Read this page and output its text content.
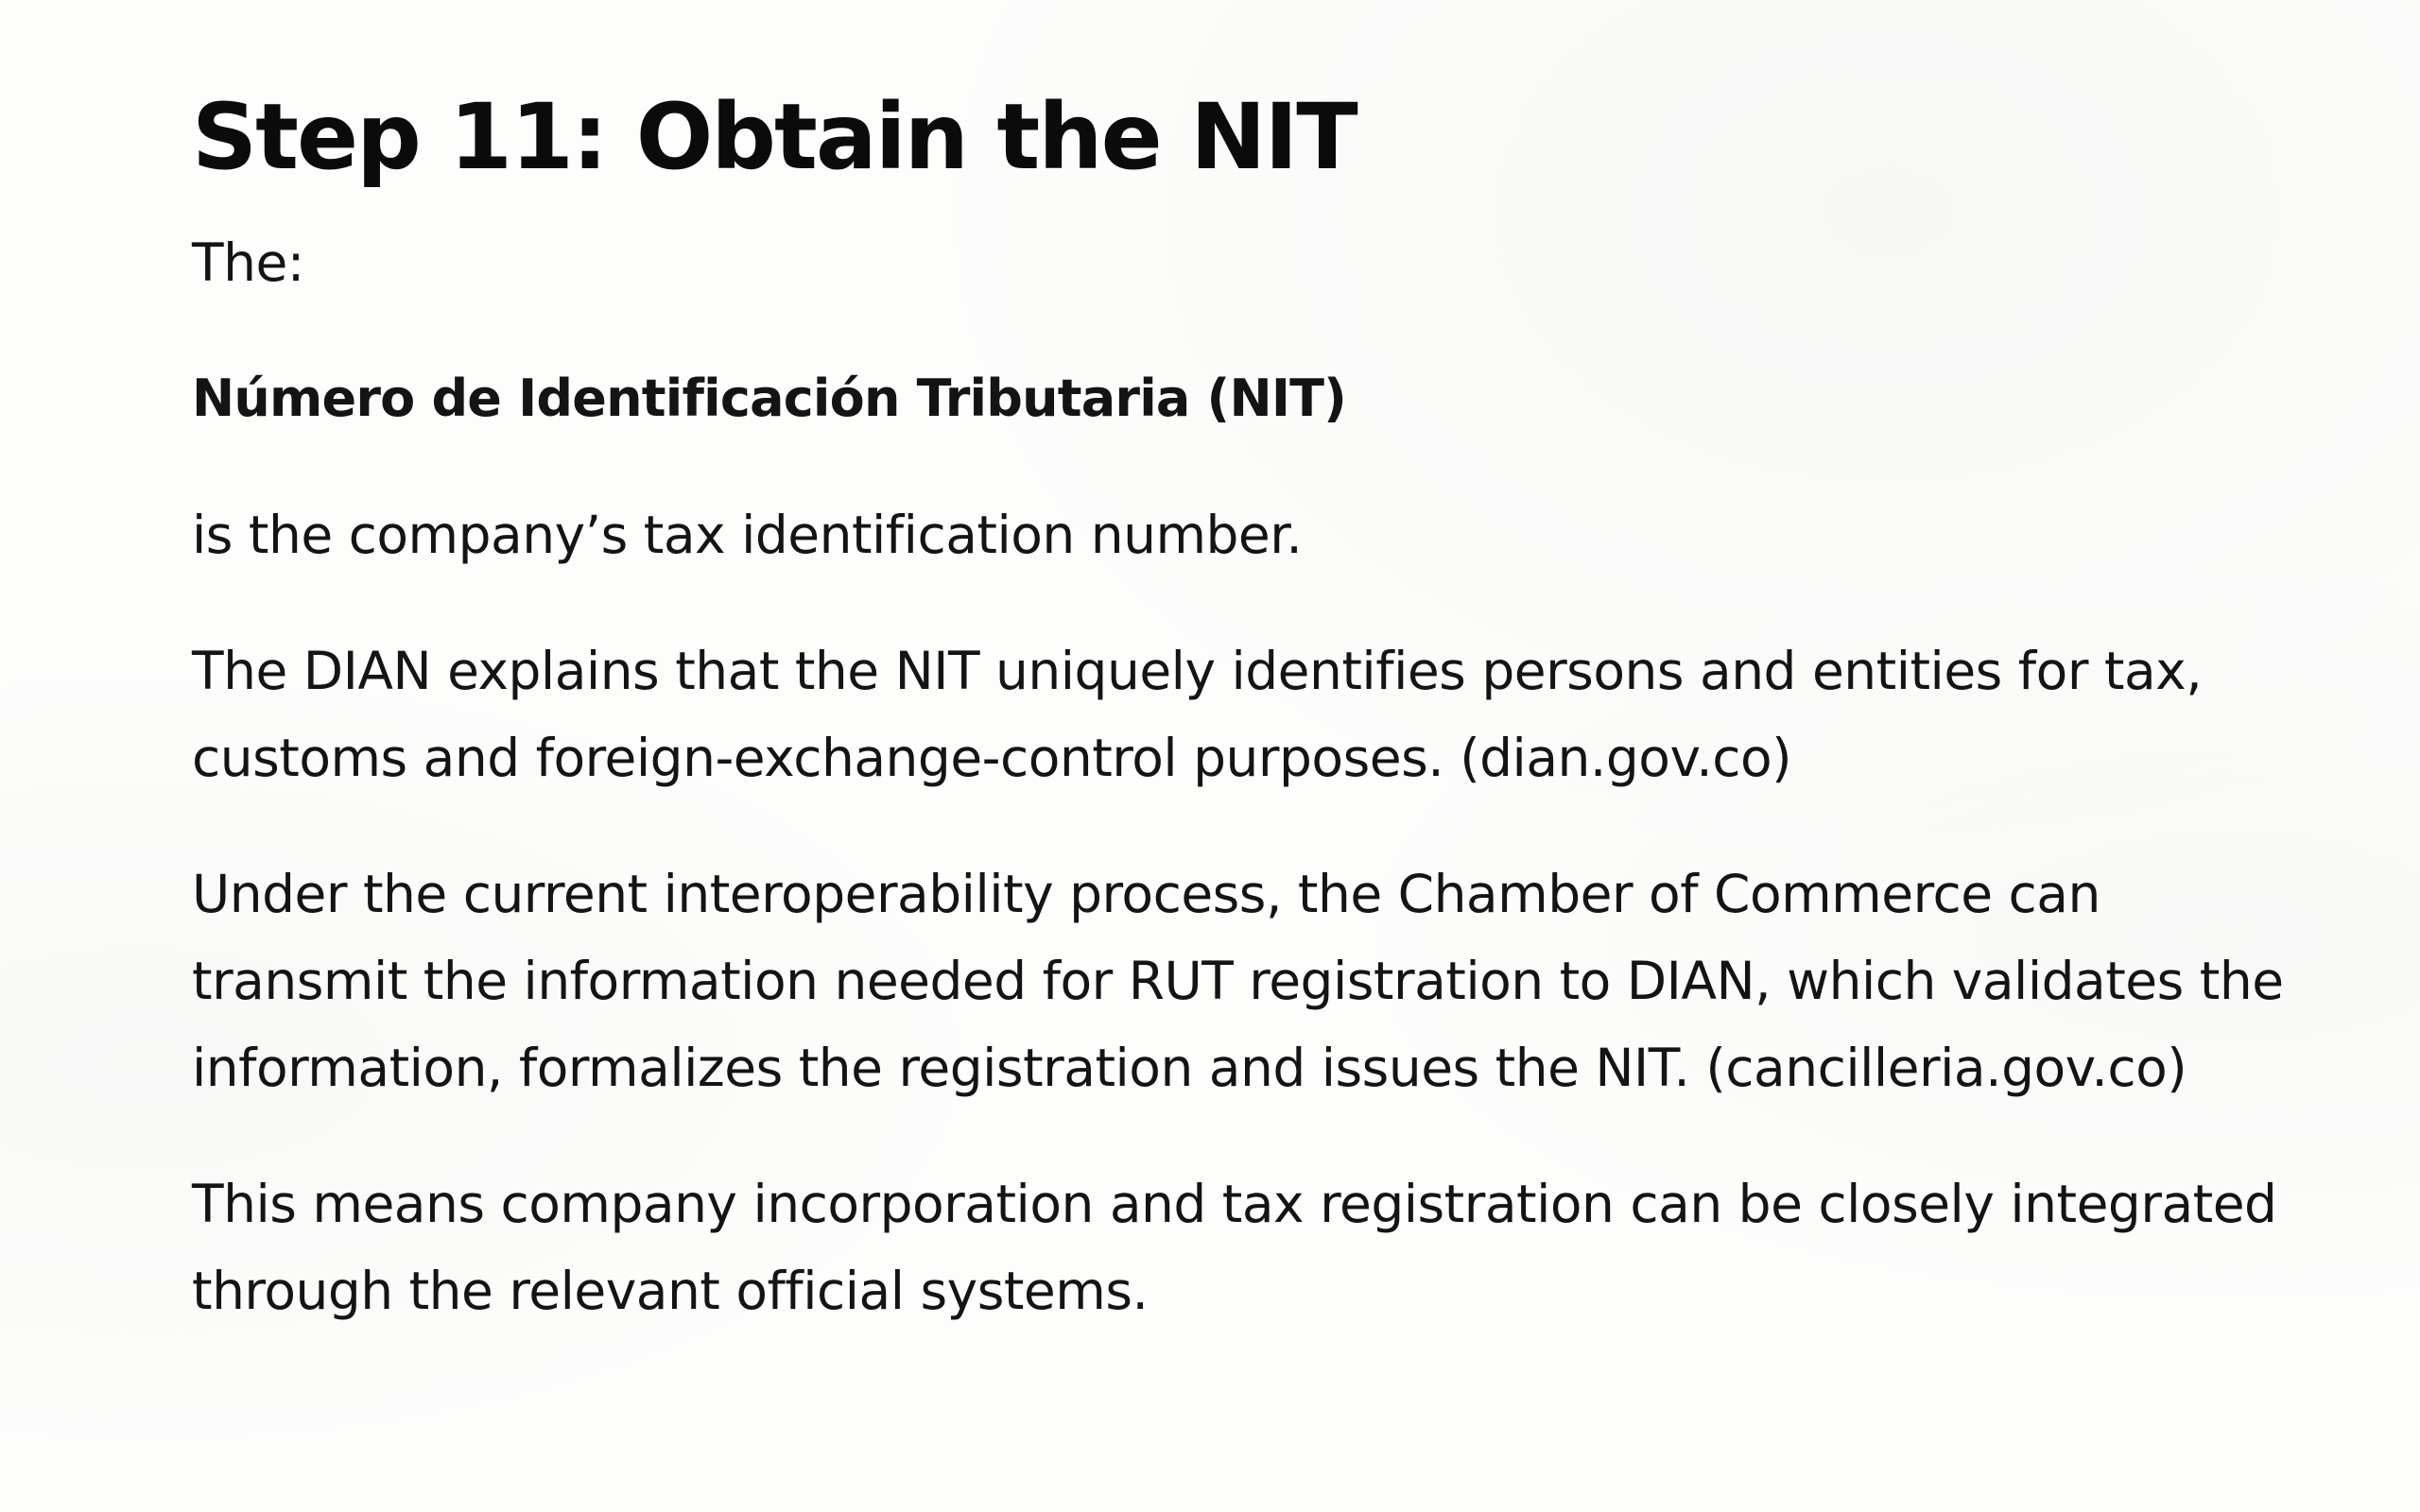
Step 11: Obtain the NIT

The:

Número de Identificación Tributaria (NIT)

is the company’s tax identification number.

The DIAN explains that the NIT uniquely identifies persons and entities for tax, customs and foreign-exchange-control purposes. (dian.gov.co)

Under the current interoperability process, the Chamber of Commerce can transmit the information needed for RUT registration to DIAN, which validates the information, formalizes the registration and issues the NIT. (cancilleria.gov.co)

This means company incorporation and tax registration can be closely integrated through the relevant official systems.
